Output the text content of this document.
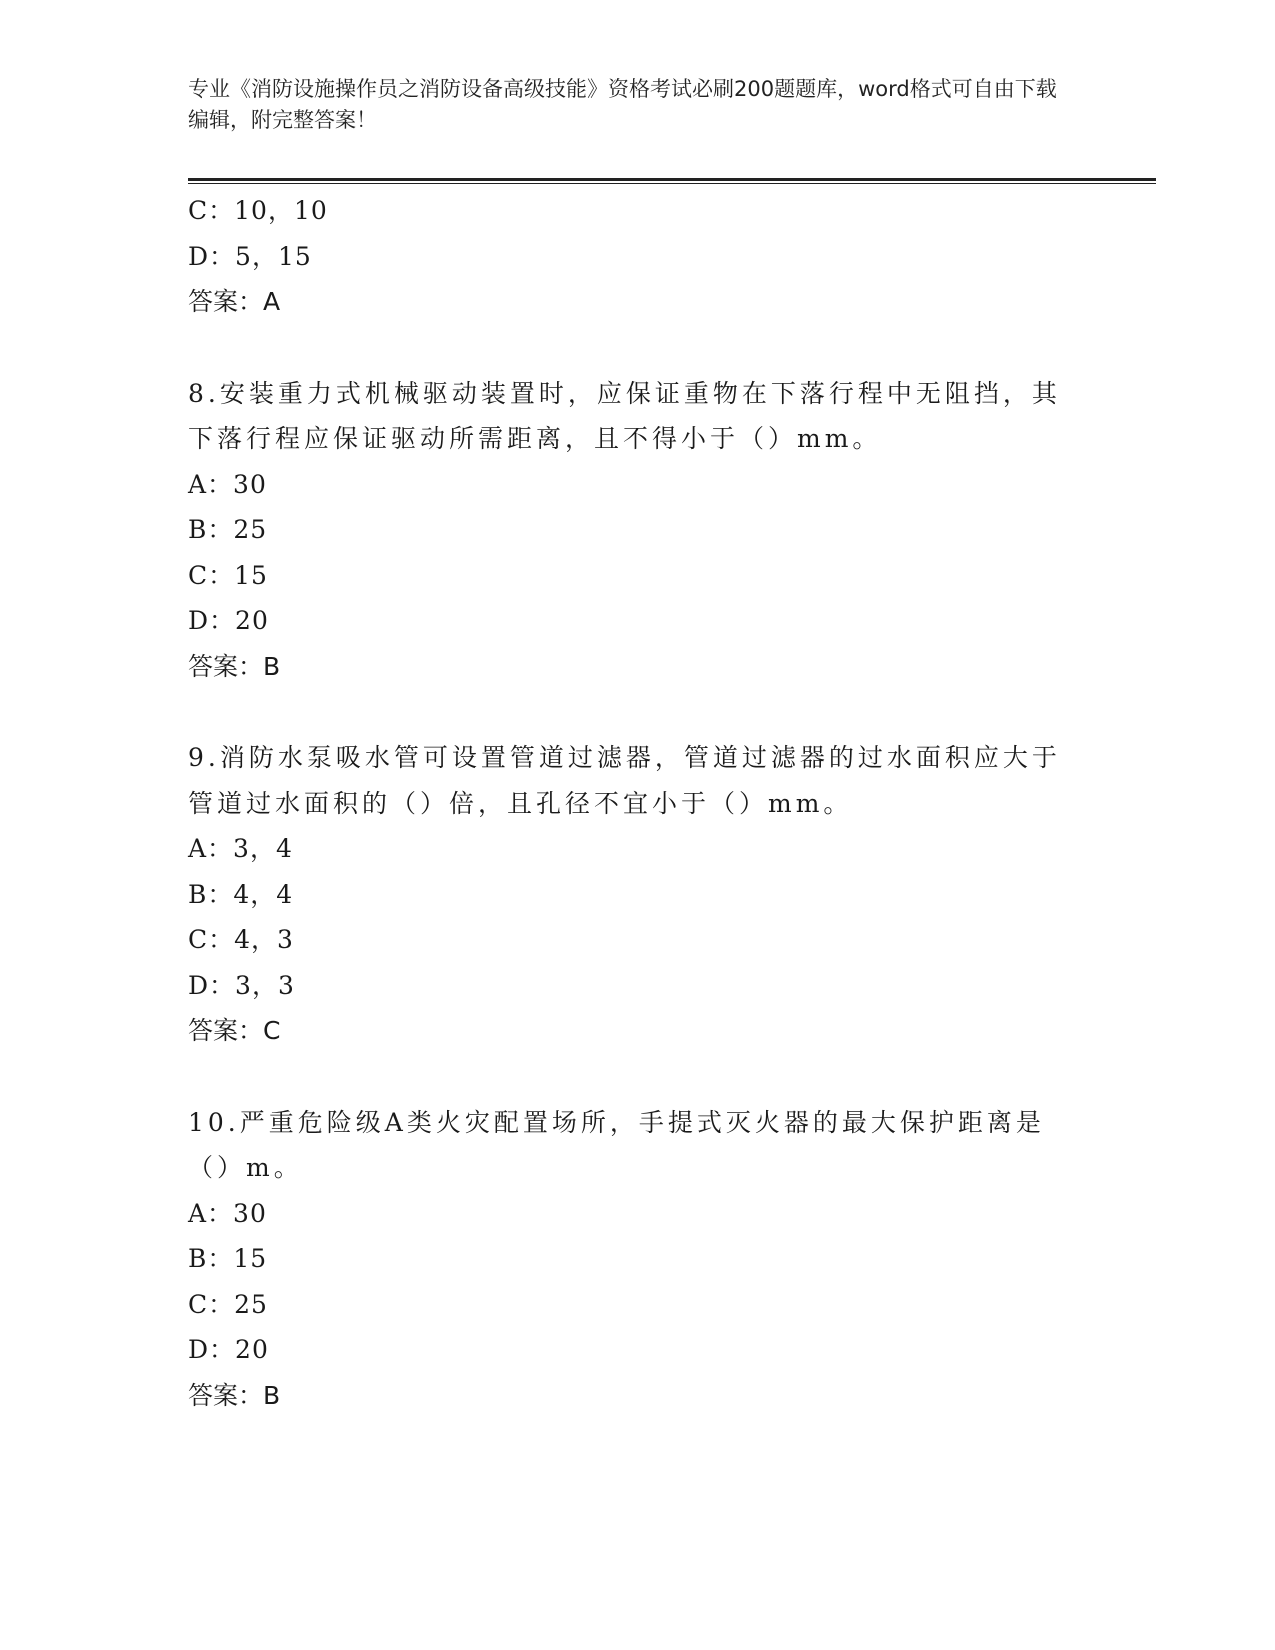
专业《消防设施操作员之消防设备高级技能》资格考试必刷200题题库，word格式可自由下载编辑，附完整答案！
C：10，10
D：5，15
答案：A
8.安装重力式机械驱动装置时，应保证重物在下落行程中无阻挡，其下落行程应保证驱动所需距离，且不得小于（）mm。
A：30
B：25
C：15
D：20
答案：B
9.消防水泵吸水管可设置管道过滤器，管道过滤器的过水面积应大于管道过水面积的（）倍，且孔径不宜小于（）mm。
A：3，4
B：4，4
C：4，3
D：3，3
答案：C
10.严重危险级A类火灾配置场所，手提式灭火器的最大保护距离是（）m。
A：30
B：15
C：25
D：20
答案：B
